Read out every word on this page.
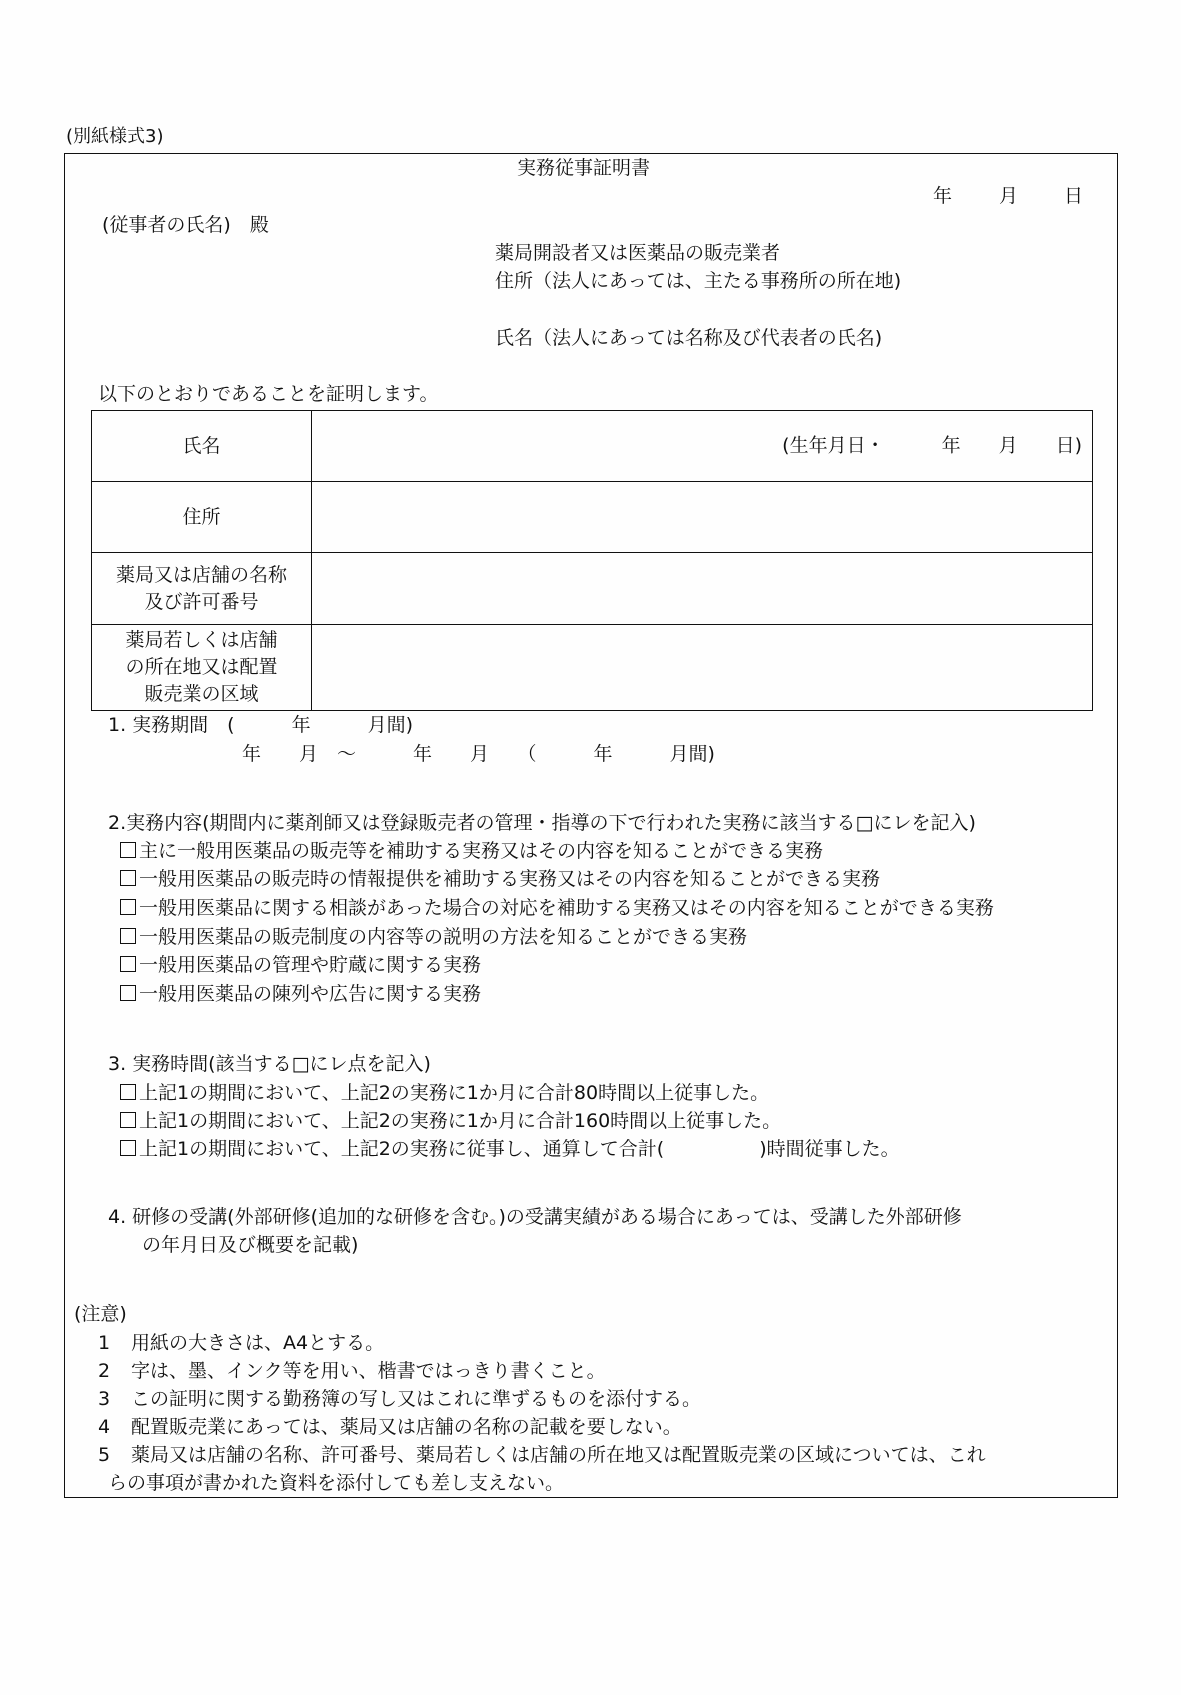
(別紙様式3)
実務従事証明書
年 月 日
(従事者の氏名)　殿
薬局開設者又は医薬品の販売業者
住所（法人にあっては、主たる事務所の所在地)
氏名（法人にあっては名称及び代表者の氏名)
以下のとおりであることを証明します。
氏名	(生年月日・　　　年　　月　　日)

住所	

薬局又は店舗の名称
及び許可番号	

薬局若しくは店舗
の所在地又は配置
販売業の区域	

1. 実務期間　(　　　年　　　月間)
年　　月　～　　　年　　月　　（　　　年　　　月間)
2.実務内容(期間内に薬剤師又は登録販売者の管理・指導の下で行われた実務に該当する□にレを記入)
主に一般用医薬品の販売等を補助する実務又はその内容を知ることができる実務
一般用医薬品の販売時の情報提供を補助する実務又はその内容を知ることができる実務
一般用医薬品に関する相談があった場合の対応を補助する実務又はその内容を知ることができる実務
一般用医薬品の販売制度の内容等の説明の方法を知ることができる実務
一般用医薬品の管理や貯蔵に関する実務
一般用医薬品の陳列や広告に関する実務
3. 実務時間(該当する□にレ点を記入)
上記1の期間において、上記2の実務に1か月に合計80時間以上従事した。
上記1の期間において、上記2の実務に1か月に合計160時間以上従事した。
上記1の期間において、上記2の実務に従事し、通算して合計(　　　　　)時間従事した。
4. 研修の受講(外部研修(追加的な研修を含む。)の受講実績がある場合にあっては、受講した外部研修
の年月日及び概要を記載)
(注意)
1 用紙の大きさは、A4とする。
2 字は、墨、インク等を用い、楷書ではっきり書くこと。
3 この証明に関する勤務簿の写し又はこれに準ずるものを添付する。
4 配置販売業にあっては、薬局又は店舗の名称の記載を要しない。
5 薬局又は店舗の名称、許可番号、薬局若しくは店舗の所在地又は配置販売業の区域については、これ
らの事項が書かれた資料を添付しても差し支えない。
